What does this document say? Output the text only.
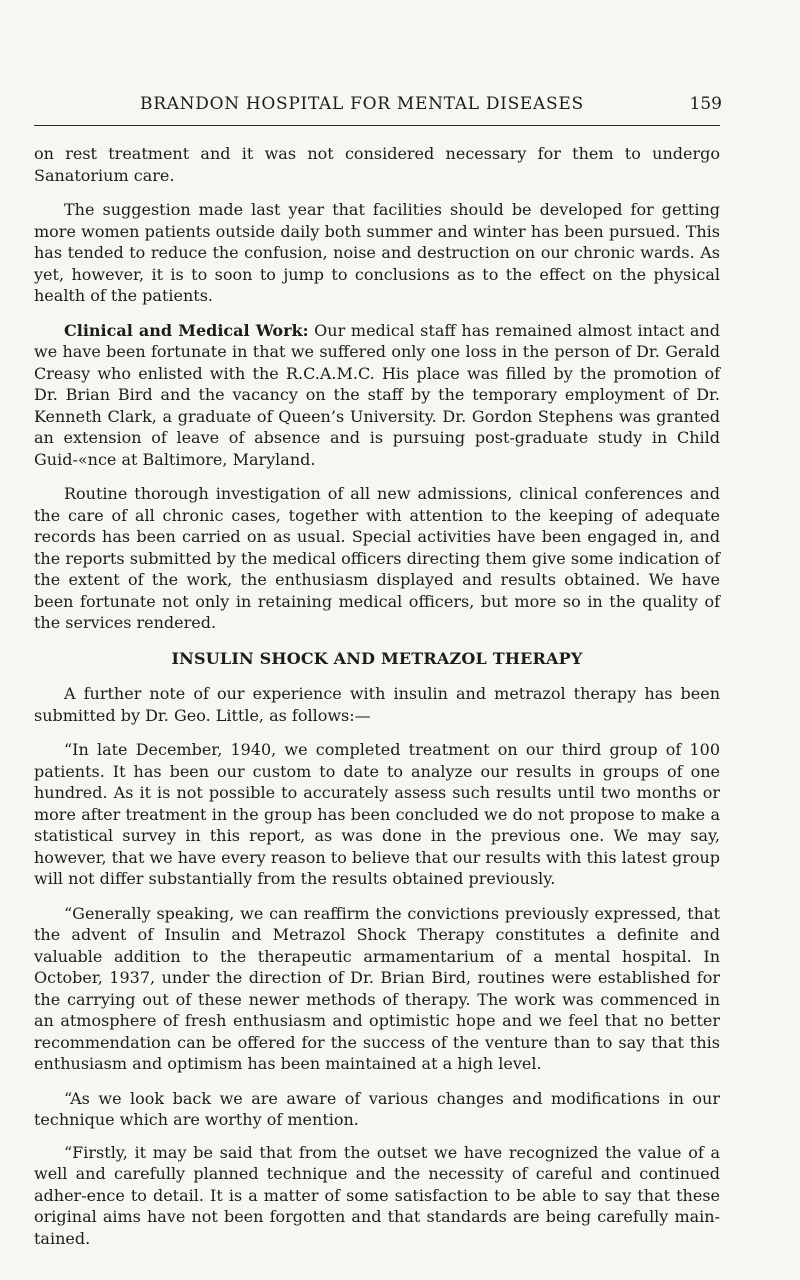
BRANDON HOSPITAL FOR MENTAL DISEASES	159

on rest treatment and it was not considered necessary for them to undergo Sanatorium care.

The suggestion made last year that facilities should be developed for getting more women patients outside daily both summer and winter has been pursued. This has tended to reduce the confusion, noise and destruction on our chronic wards. As yet, however, it is to soon to jump to conclusions as to the effect on the physical health of the patients.

Clinical and Medical Work: Our medical staff has remained almost intact and we have been fortunate in that we suffered only one loss in the person of Dr. Gerald Creasy who enlisted with the R.C.A.M.C. His place was filled by the promotion of Dr. Brian Bird and the vacancy on the staff by the temporary employment of Dr. Kenneth Clark, a graduate of Queen’s University. Dr. Gordon Stephens was granted an extension of leave of absence and is pursuing post-graduate study in Child Guid-«nce at Baltimore, Maryland.

Routine thorough investigation of all new admissions, clinical conferences and the care of all chronic cases, together with attention to the keeping of adequate records has been carried on as usual. Special activities have been engaged in, and the reports submitted by the medical officers directing them give some indication of the extent of the work, the enthusiasm displayed and results obtained. We have been fortunate not only in retaining medical officers, but more so in the quality of the services rendered.

INSULIN SHOCK AND METRAZOL THERAPY

A further note of our experience with insulin and metrazol therapy has been submitted by Dr. Geo. Little, as follows:—

“In late December, 1940, we completed treatment on our third group of 100 patients. It has been our custom to date to analyze our results in groups of one hundred. As it is not possible to accurately assess such results until two months or more after treatment in the group has been concluded we do not propose to make a statistical survey in this report, as was done in the previous one. We may say, however, that we have every reason to believe that our results with this latest group will not differ substantially from the results obtained previously.

“Generally speaking, we can reaffirm the convictions previously expressed, that the advent of Insulin and Metrazol Shock Therapy constitutes a definite and valuable addition to the therapeutic armamentarium of a mental hospital. In October, 1937, under the direction of Dr. Brian Bird, routines were established for the carrying out of these newer methods of therapy. The work was commenced in an atmosphere of fresh enthusiasm and optimistic hope and we feel that no better recommendation can be offered for the success of the venture than to say that this enthusiasm and optimism has been maintained at a high level.

“As we look back we are aware of various changes and modifications in our technique which are worthy of mention.

“Firstly, it may be said that from the outset we have recognized the value of a well and carefully planned technique and the necessity of careful and continued adher-ence to detail. It is a matter of some satisfaction to be able to say that these original aims have not been forgotten and that standards are being carefully main-tained.
